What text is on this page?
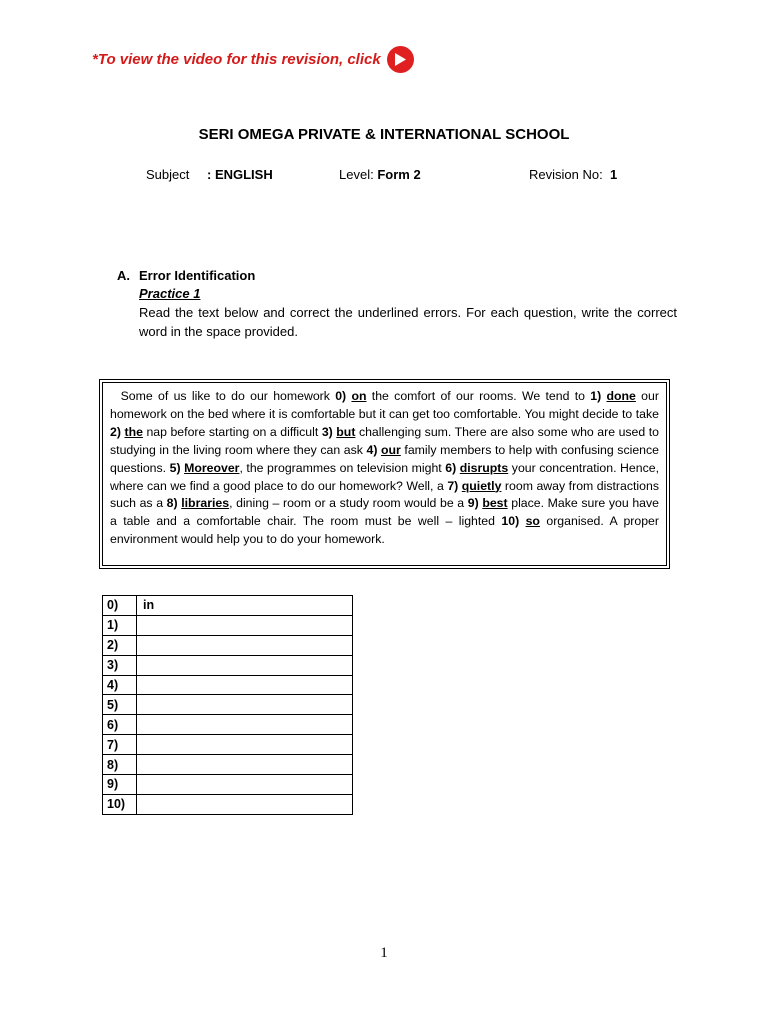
*To view the video for this revision, click
SERI OMEGA PRIVATE & INTERNATIONAL SCHOOL
Subject : ENGLISH	Level: Form 2	Revision No: 1
A. Error Identification
Practice 1
Read the text below and correct the underlined errors. For each question, write the correct word in the space provided.
Some of us like to do our homework 0) on the comfort of our rooms. We tend to 1) done our homework on the bed where it is comfortable but it can get too comfortable. You might decide to take 2) the nap before starting on a difficult 3) but challenging sum. There are also some who are used to studying in the living room where they can ask 4) our family members to help with confusing science questions. 5) Moreover, the programmes on television might 6) disrupts your concentration. Hence, where can we find a good place to do our homework? Well, a 7) quietly room away from distractions such as a 8) libraries, dining – room or a study room would be a 9) best place. Make sure you have a table and a comfortable chair. The room must be well – lighted 10) so organised. A proper environment would help you to do your homework.
0)	in
1)	
2)	
3)	
4)	
5)	
6)	
7)	
8)	
9)	
10)	
1
